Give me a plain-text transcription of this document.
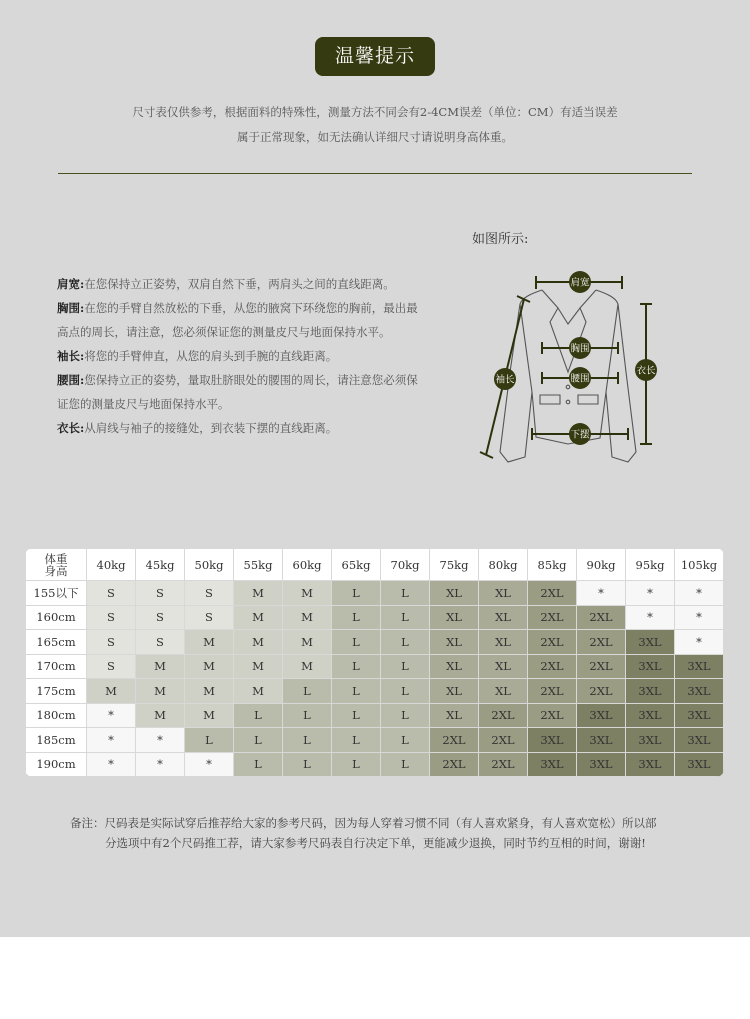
温馨提示
尺寸表仅供参考，根据面料的特殊性，测量方法不同会有2-4CM误差（单位：CM）有适当误差
属于正常现象，如无法确认详细尺寸请说明身高体重。
如图所示:
肩宽:在您保持立正姿势，双肩自然下垂，两肩头之间的直线距离。
胸围:在您的手臂自然放松的下垂，从您的腋窝下环绕您的胸前，最出最
高点的周长，请注意，您必须保证您的测量皮尺与地面保持水平。
袖长:将您的手臂伸直，从您的肩头到手腕的直线距离。
腰围:您保持立正的姿势，量取肚脐眼处的腰围的周长，请注意您必须保
证您的测量皮尺与地面保持水平。
衣长:从肩线与袖子的接缝处，到衣装下摆的直线距离。
肩宽
胸围
腰围
下摆
袖长
衣长
体重
身高	40kg	45kg	50kg	55kg	60kg	65kg	70kg	75kg	80kg	85kg	90kg	95kg	105kg
155以下	S	S	S	M	M	L	L	XL	XL	2XL	*	*	*
160cm	S	S	S	M	M	L	L	XL	XL	2XL	2XL	*	*
165cm	S	S	M	M	M	L	L	XL	XL	2XL	2XL	3XL	*
170cm	S	M	M	M	M	L	L	XL	XL	2XL	2XL	3XL	3XL
175cm	M	M	M	M	L	L	L	XL	XL	2XL	2XL	3XL	3XL
180cm	*	M	M	L	L	L	L	XL	2XL	2XL	3XL	3XL	3XL
185cm	*	*	L	L	L	L	L	2XL	2XL	3XL	3XL	3XL	3XL
190cm	*	*	*	L	L	L	L	2XL	2XL	3XL	3XL	3XL	3XL
备注：尺码表是实际试穿后推荐给大家的参考尺码，因为每人穿着习惯不同（有人喜欢紧身，有人喜欢宽松）所以部
分选项中有2个尺码推工荐，请大家参考尺码表自行决定下单，更能减少退换，同时节约互相的时间，谢谢!
